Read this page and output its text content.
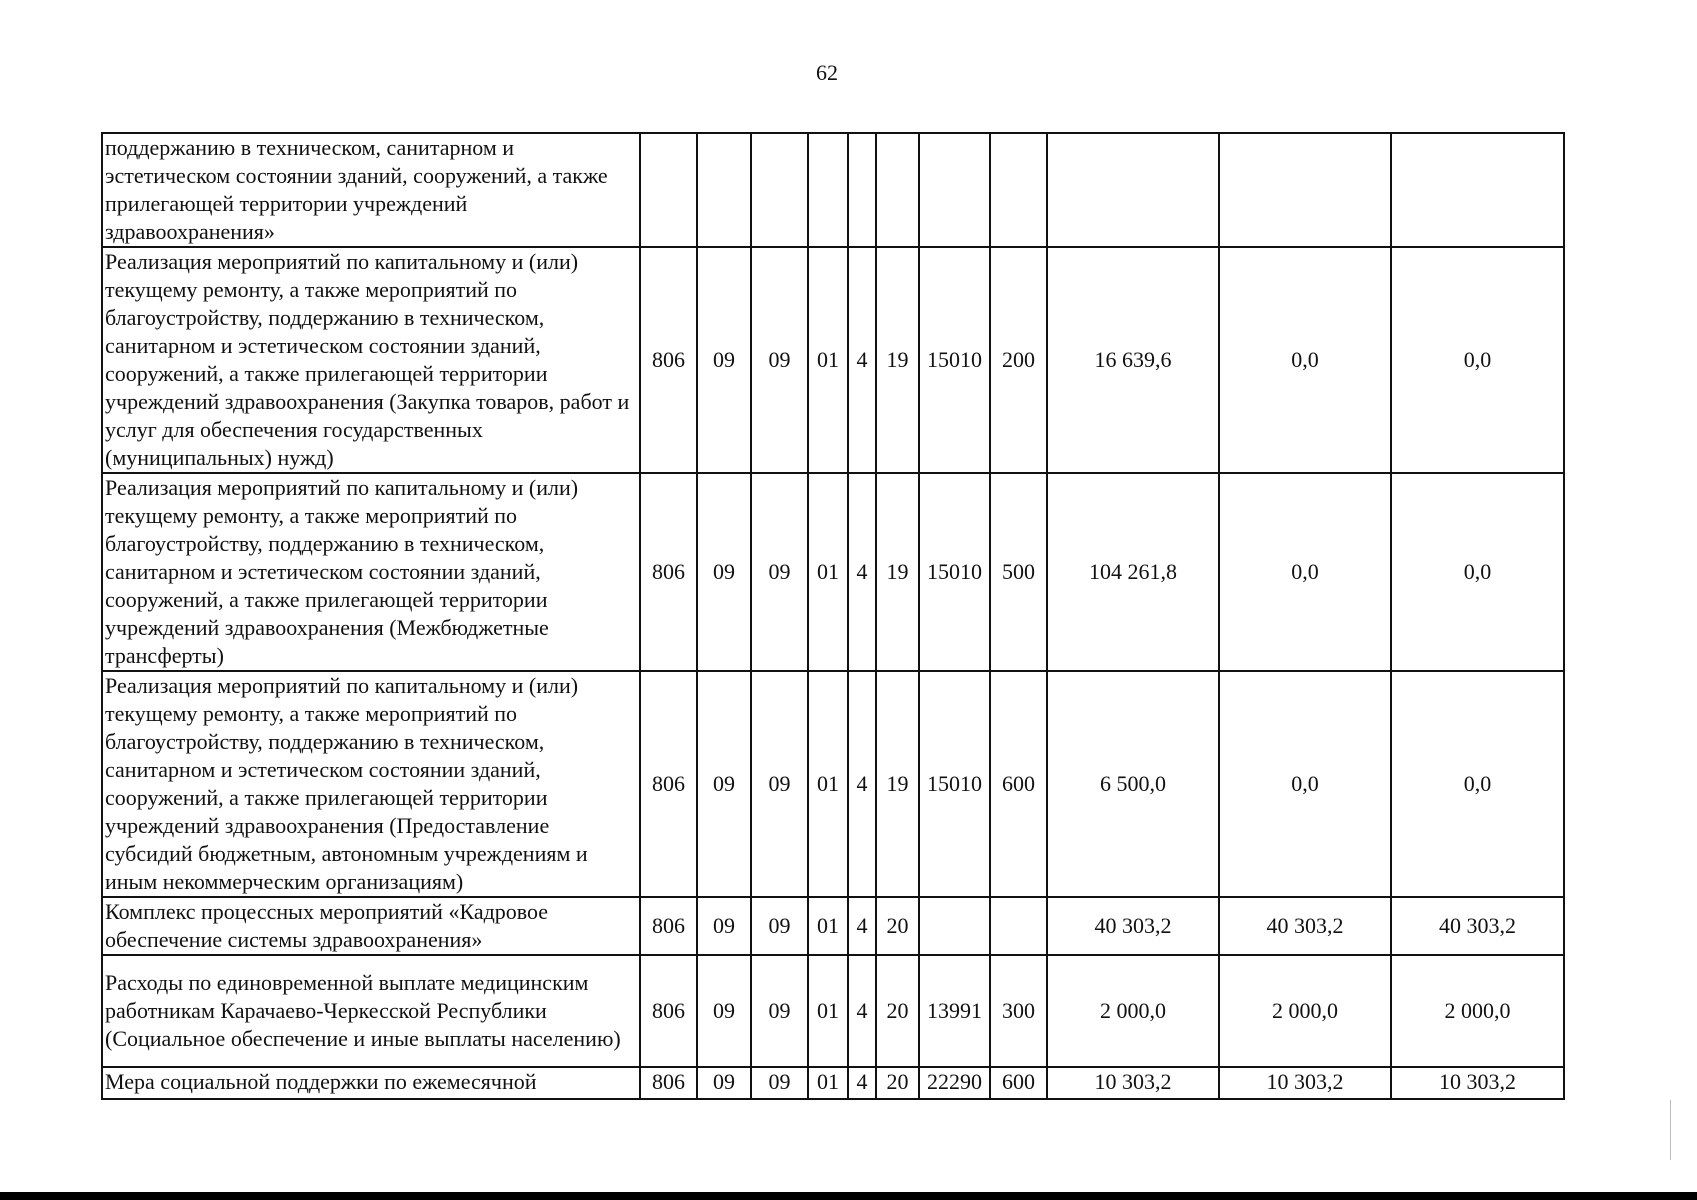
62
поддержанию в техническом, санитарном и эстетическом состоянии зданий, сооружений, а также прилегающей территории учреждений здравоохранения»											
Реализация мероприятий по капитальному и (или) текущему ремонту, а также мероприятий по благоустройству, поддержанию в техническом, санитарном и эстетическом состоянии зданий, сооружений, а также прилегающей территории учреждений здравоохранения (Закупка товаров, работ и услуг для обеспечения государственных (муниципальных) нужд)	806	09	09	01	4	19	15010	200	16 639,6	0,0	0,0
Реализация мероприятий по капитальному и (или) текущему ремонту, а также мероприятий по благоустройству, поддержанию в техническом, санитарном и эстетическом состоянии зданий, сооружений, а также прилегающей территории учреждений здравоохранения (Межбюджетные трансферты)	806	09	09	01	4	19	15010	500	104 261,8	0,0	0,0
Реализация мероприятий по капитальному и (или) текущему ремонту, а также мероприятий по благоустройству, поддержанию в техническом, санитарном и эстетическом состоянии зданий, сооружений, а также прилегающей территории учреждений здравоохранения (Предоставление субсидий бюджетным, автономным учреждениям и иным некоммерческим организациям)	806	09	09	01	4	19	15010	600	6 500,0	0,0	0,0
Комплекс процессных мероприятий «Кадровое обеспечение системы здравоохранения»	806	09	09	01	4	20			40 303,2	40 303,2	40 303,2
Расходы по единовременной выплате медицинским работникам Карачаево-Черкесской Республики (Социальное обеспечение и иные выплаты населению)	806	09	09	01	4	20	13991	300	2 000,0	2 000,0	2 000,0
Мера социальной поддержки по ежемесячной	806	09	09	01	4	20	22290	600	10 303,2	10 303,2	10 303,2
